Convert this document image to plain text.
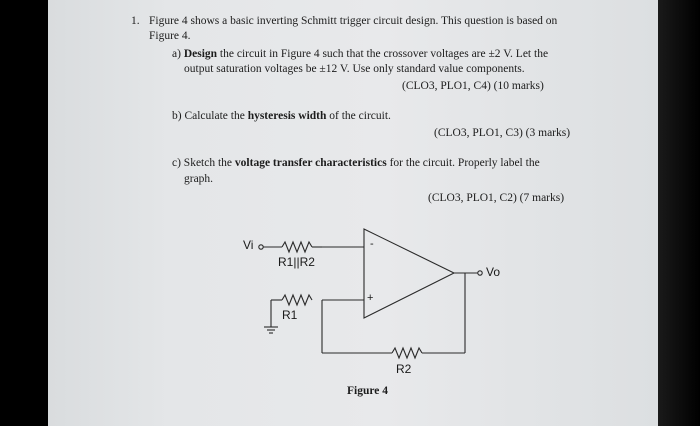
1. Figure 4 shows a basic inverting Schmitt trigger circuit design. This question is based on
Figure 4.
a) Design the circuit in Figure 4 such that the crossover voltages are ±2 V. Let the
output saturation voltages be ±12 V. Use only standard value components.
(CLO3, PLO1, C4) (10 marks)
b) Calculate the hysteresis width of the circuit.
(CLO3, PLO1, C3) (3 marks)
c) Sketch the voltage transfer characteristics for the circuit. Properly label the
graph.
(CLO3, PLO1, C2) (7 marks)
Vi
Vo
R1||R2
R1
R2
-
+
Figure 4
